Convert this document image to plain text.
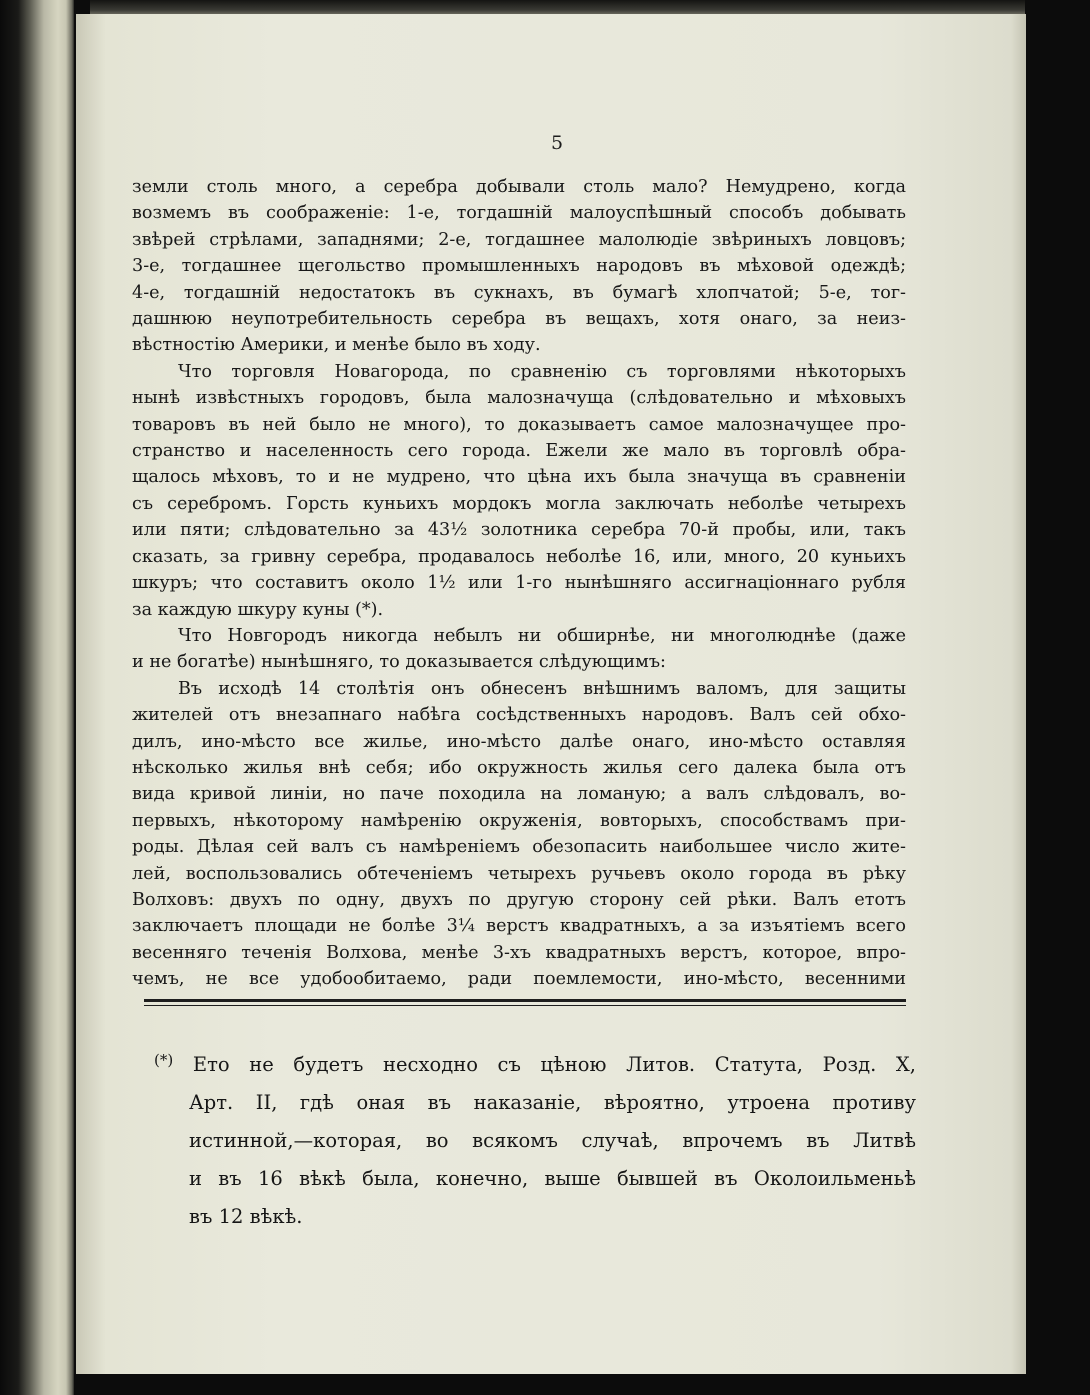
5
земли столь много, а серебра добывали столь мало? Немудрено, когда
возмемъ въ соображеніе: 1-е, тогдашній малоуспѣшный способъ добывать
звѣрей стрѣлами, западнями; 2-е, тогдашнее малолюдіе звѣриныхъ ловцовъ;
3-е, тогдашнее щегольство промышленныхъ народовъ въ мѣховой одеждѣ;
4-е, тогдашній недостатокъ въ сукнахъ, въ бумагѣ хлопчатой; 5-е, тог-
дашнюю неупотребительность серебра въ вещахъ, хотя онаго, за неиз-
вѣстностію Америки, и менѣе было въ ходу.
Что торговля Новагорода, по сравненію съ торговлями нѣкоторыхъ
нынѣ извѣстныхъ городовъ, была малозначуща (слѣдовательно и мѣховыхъ
товаровъ въ ней было не много), то доказываетъ самое малозначущее про-
странство и населенность сего города. Ежели же мало въ торговлѣ обра-
щалось мѣховъ, то и не мудрено, что цѣна ихъ была значуща въ сравненіи
съ серебромъ. Горсть куньихъ мордокъ могла заключать неболѣе четырехъ
или пяти; слѣдовательно за 43½ золотника серебра 70-й пробы, или, такъ
сказать, за гривну серебра, продавалось неболѣе 16, или, много, 20 куньихъ
шкуръ; что составитъ около 1½ или 1-го нынѣшняго ассигнаціоннаго рубля
за каждую шкуру куны (*).
Что Новгородъ никогда небылъ ни обширнѣе, ни многолюднѣе (даже
и не богатѣе) нынѣшняго, то доказывается слѣдующимъ:
Въ исходѣ 14 столѣтія онъ обнесенъ внѣшнимъ валомъ, для защиты
жителей отъ внезапнаго набѣга сосѣдственныхъ народовъ. Валъ сей обхо-
дилъ, ино-мѣсто все жилье, ино-мѣсто далѣе онаго, ино-мѣсто оставляя
нѣсколько жилья внѣ себя; ибо окружность жилья сего далека была отъ
вида кривой линіи, но паче походила на ломаную; а валъ слѣдовалъ, во-
первыхъ, нѣкоторому намѣренію окруженія, вовторыхъ, способствамъ при-
роды. Дѣлая сей валъ съ намѣреніемъ обезопасить наибольшее число жите-
лей, воспользовались обтеченіемъ четырехъ ручьевъ около города въ рѣку
Волховъ: двухъ по одну, двухъ по другую сторону сей рѣки. Валъ етотъ
заключаетъ площади не болѣе 3¼ верстъ квадратныхъ, а за изъятіемъ всего
весенняго теченія Волхова, менѣе 3-хъ квадратныхъ верстъ, которое, впро-
чемъ, не все удобообитаемо, ради поемлемости, ино-мѣсто, весенними
(*) Ето не будетъ несходно съ цѣною Литов. Статута, Розд. X,
Арт. II, гдѣ оная въ наказаніе, вѣроятно, утроена противу
истинной,—которая, во всякомъ случаѣ, впрочемъ въ Литвѣ
и въ 16 вѣкѣ была, конечно, выше бывшей въ Околоильменьѣ
въ 12 вѣкѣ.
